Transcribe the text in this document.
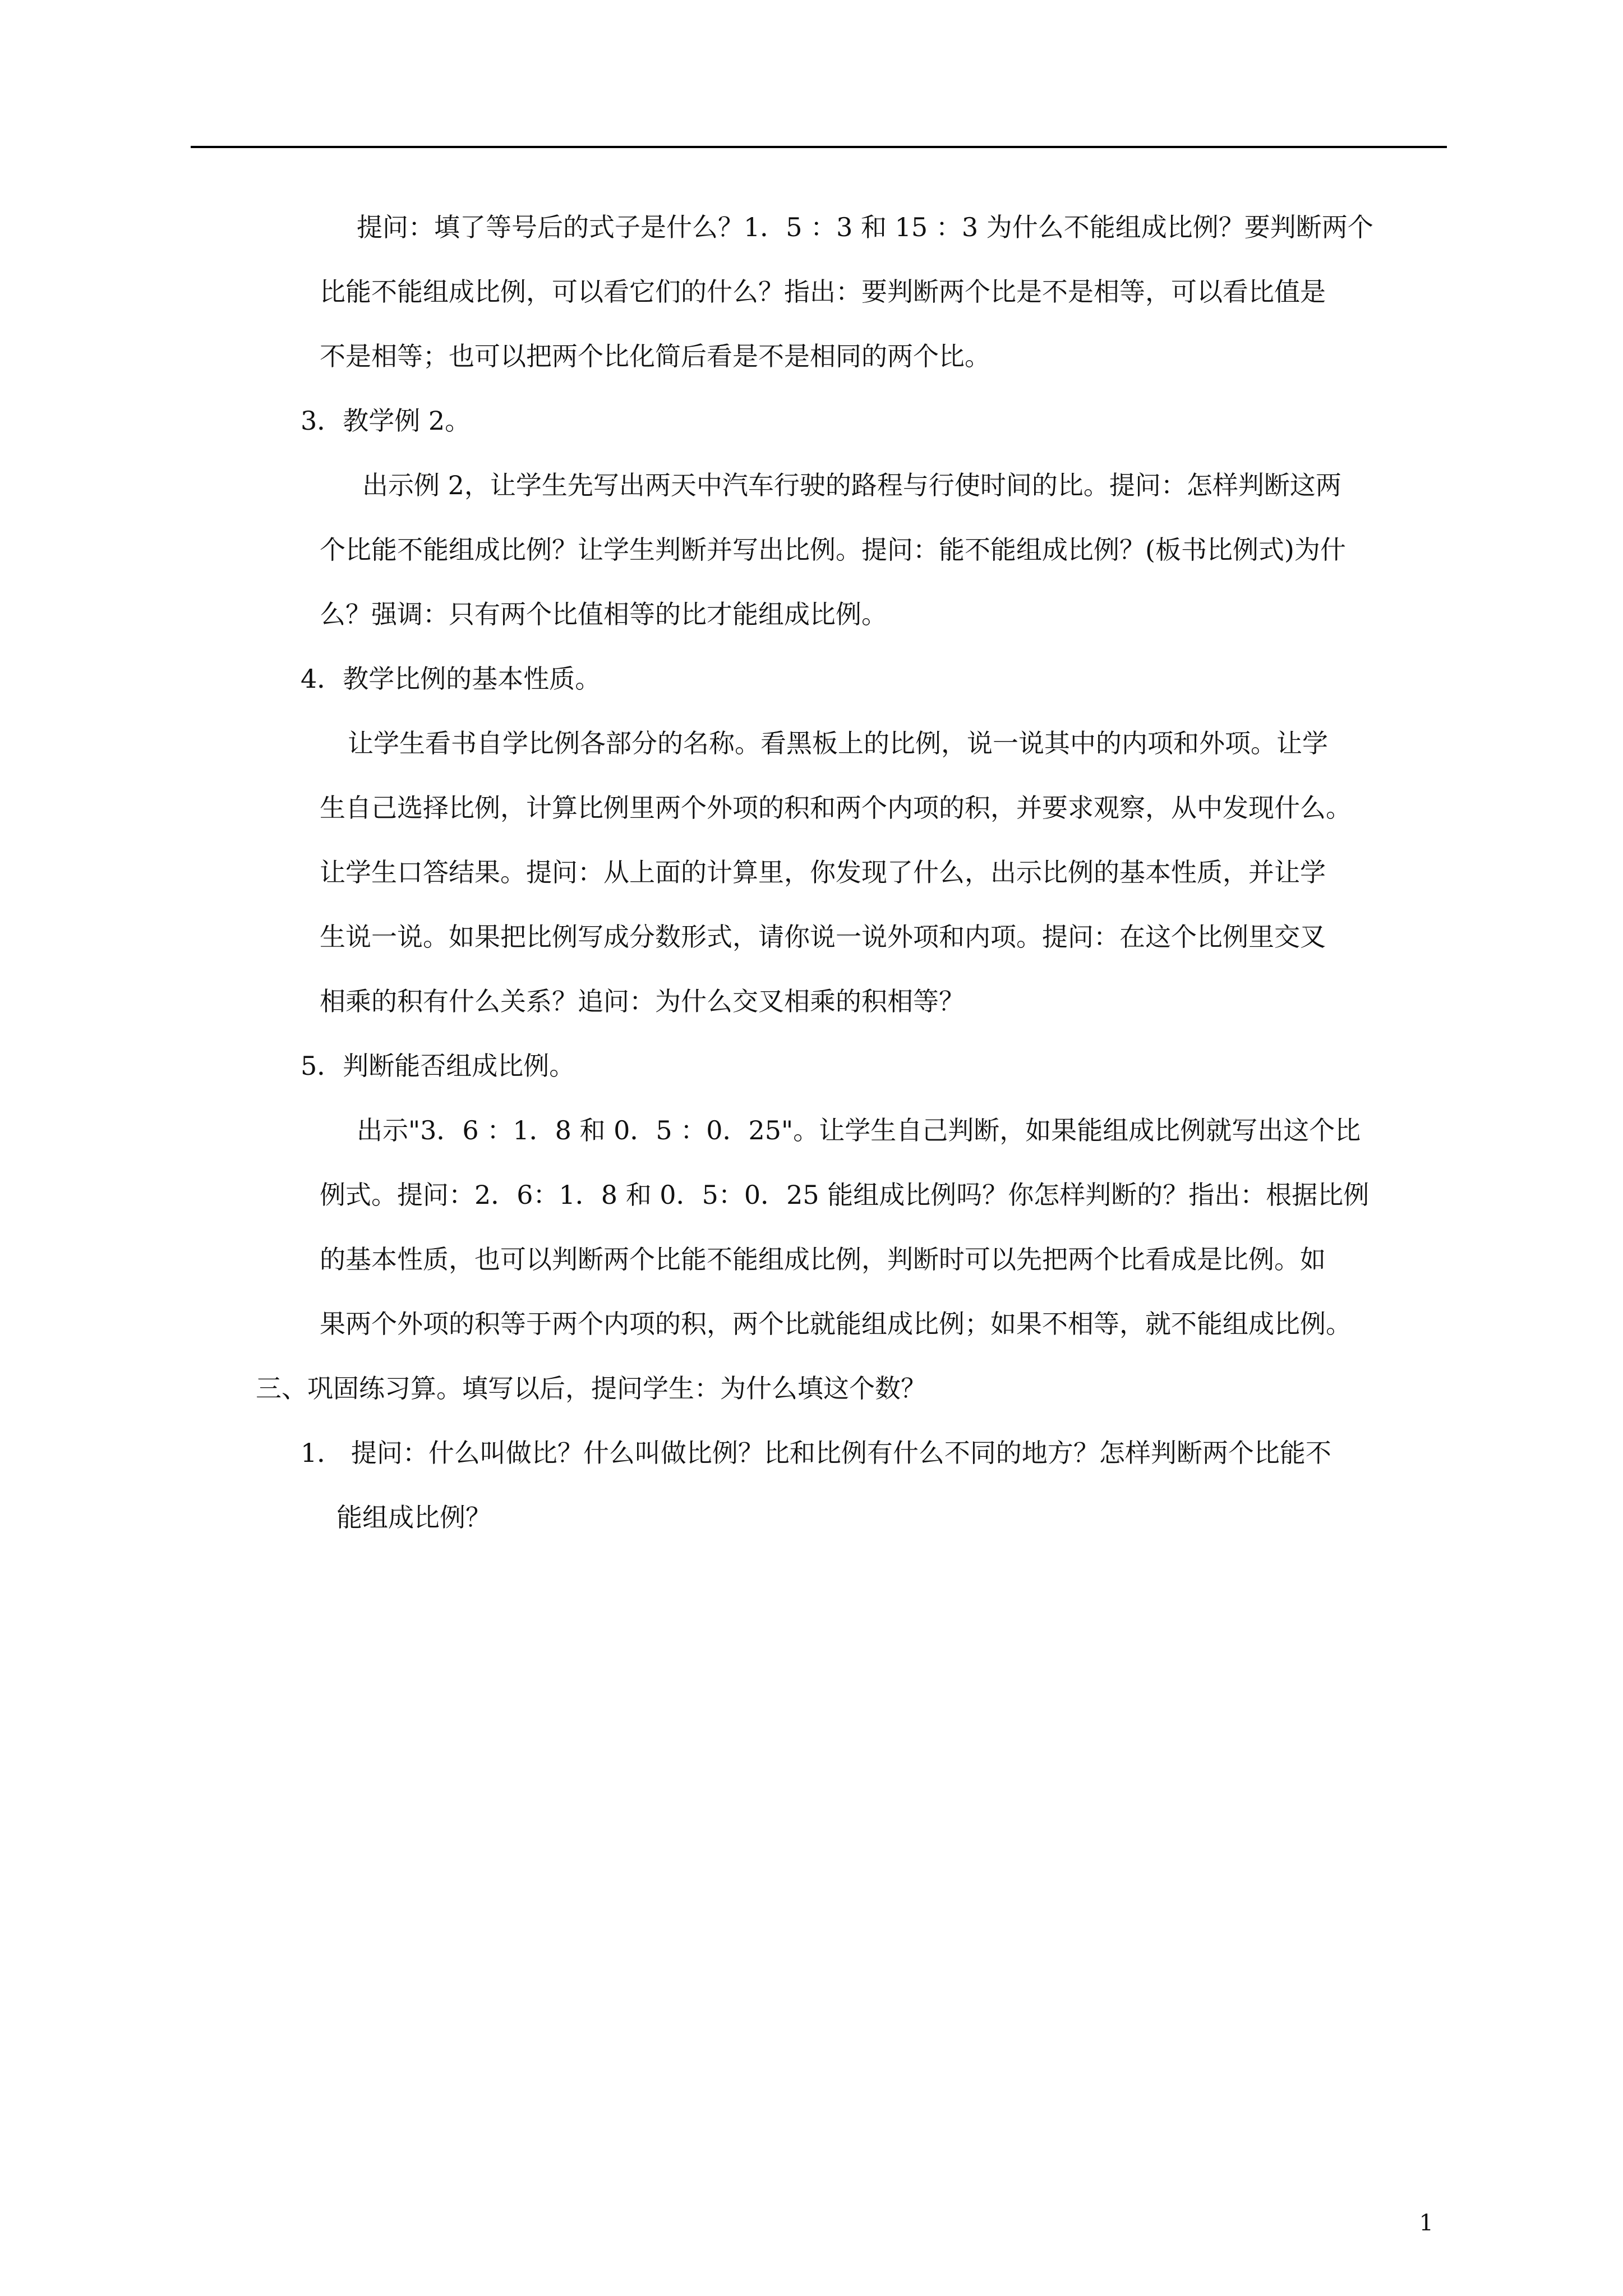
提问：填了等号后的式子是什么？1．5 ：3 和 15 ：3 为什么不能组成比例？要判断两个
比能不能组成比例，可以看它们的什么？指出：要判断两个比是不是相等，可以看比值是
不是相等；也可以把两个比化简后看是不是相同的两个比。
3．教学例 2。
出示例 2，让学生先写出两天中汽车行驶的路程与行使时间的比。提问：怎样判断这两
个比能不能组成比例？让学生判断并写出比例。提问：能不能组成比例？(板书比例式)为什
么？强调：只有两个比值相等的比才能组成比例。
4．教学比例的基本性质。
让学生看书自学比例各部分的名称。看黑板上的比例，说一说其中的内项和外项。让学
生自己选择比例，计算比例里两个外项的积和两个内项的积，并要求观察，从中发现什么。
让学生口答结果。提问：从上面的计算里，你发现了什么，出示比例的基本性质，并让学
生说一说。如果把比例写成分数形式，请你说一说外项和内项。提问：在这个比例里交叉
相乘的积有什么关系？追问：为什么交叉相乘的积相等？
5．判断能否组成比例。
出示"3．6 ：1．8 和 0．5 ：0．25"。让学生自己判断，如果能组成比例就写出这个比
例式。提问：2．6：1．8 和 0．5：0．25 能组成比例吗？你怎样判断的？指出：根据比例
的基本性质，也可以判断两个比能不能组成比例，判断时可以先把两个比看成是比例。如
果两个外项的积等于两个内项的积，两个比就能组成比例；如果不相等，就不能组成比例。
三、巩固练习算。填写以后，提问学生：为什么填这个数？
1． 提问：什么叫做比？什么叫做比例？比和比例有什么不同的地方？怎样判断两个比能不
能组成比例？
1
